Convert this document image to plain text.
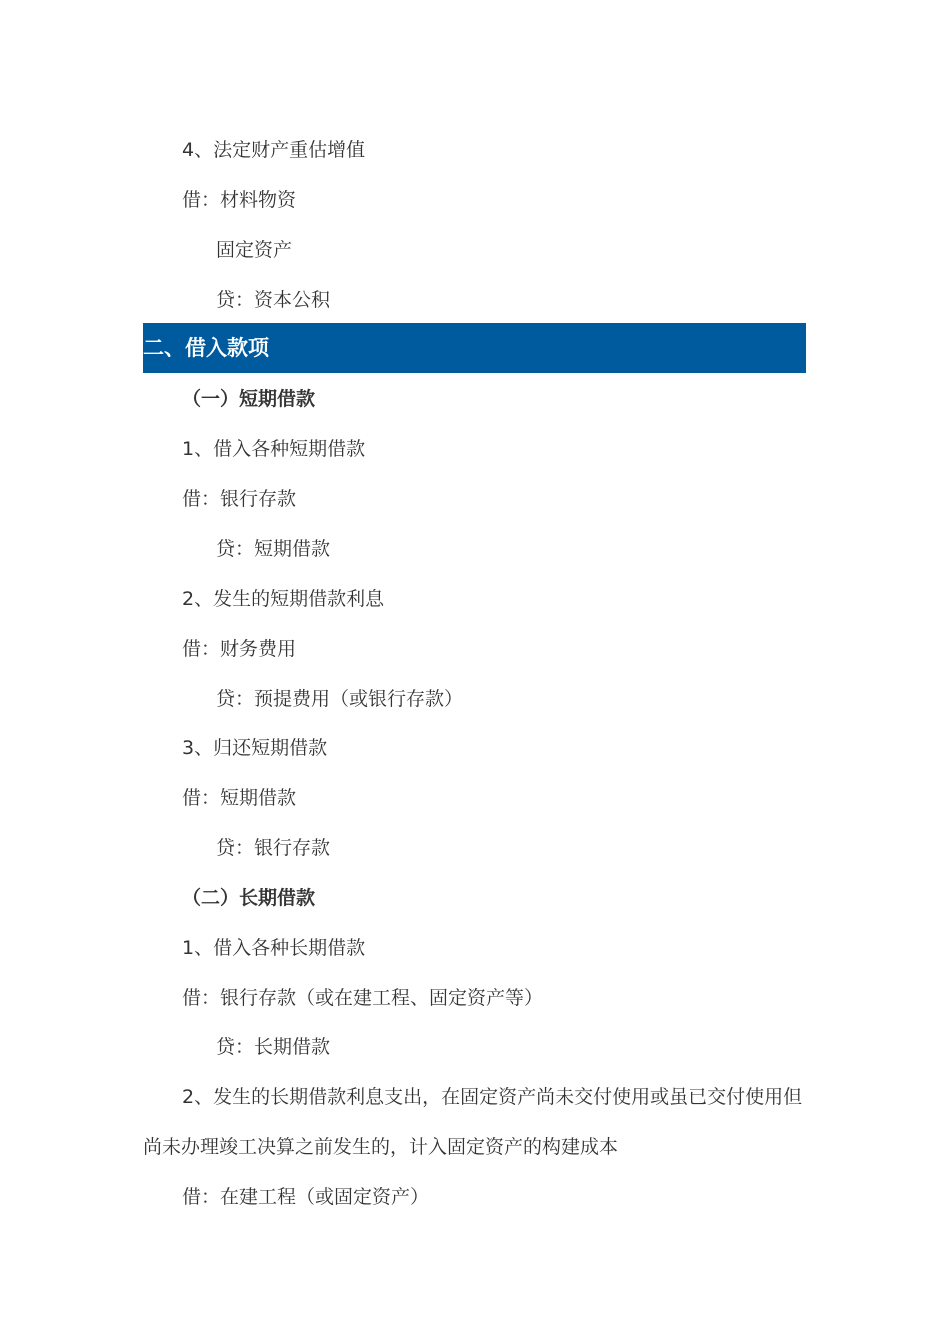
4、法定财产重估增值
借：材料物资
固定资产
贷：资本公积
二、借入款项
（一）短期借款
1、借入各种短期借款
借：银行存款
贷：短期借款
2、发生的短期借款利息
借：财务费用
贷：预提费用（或银行存款）
3、归还短期借款
借：短期借款
贷：银行存款
（二）长期借款
1、借入各种长期借款
借：银行存款（或在建工程、固定资产等）
贷：长期借款
2、发生的长期借款利息支出，在固定资产尚未交付使用或虽已交付使用但
尚未办理竣工决算之前发生的，计入固定资产的构建成本
借：在建工程（或固定资产）
